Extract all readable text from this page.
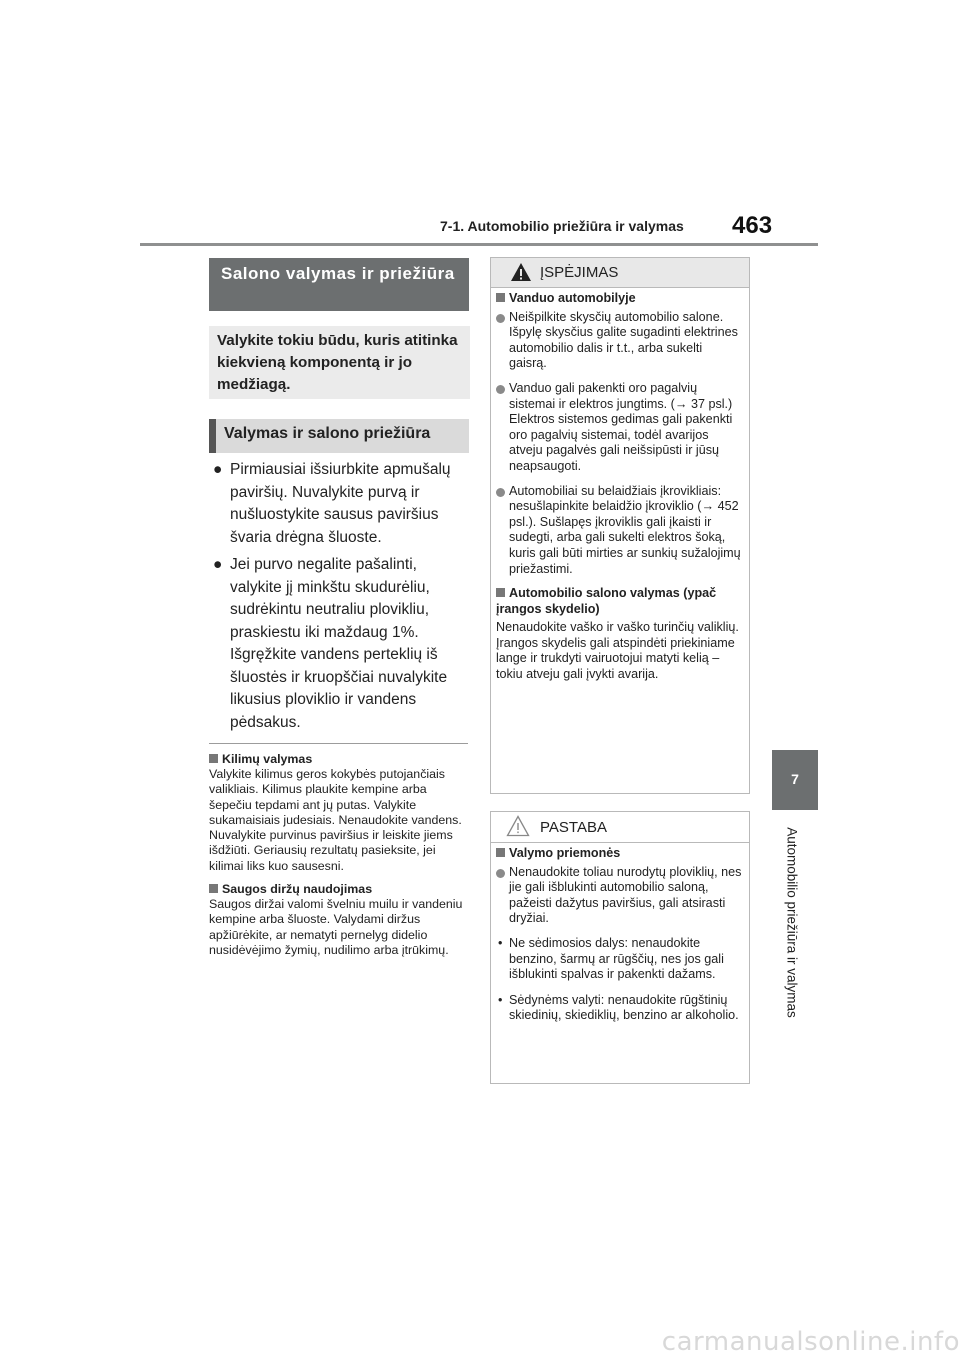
7-1. Automobilio priežiūra ir valymas	463
7
Automobilio priežiūra ir valymas
Salono valymas ir priežiūra
Valykite tokiu būdu, kuris atitinka kiekvieną komponentą ir jo medžiagą.
Valymas ir salono priežiūra
● Pirmiausiai išsiurbkite apmušalų paviršių. Nuvalykite purvą ir nušluostykite sausus paviršius švaria drėgna šluoste.
● Jei purvo negalite pašalinti, valykite jį minkštu skudurėliu, sudrėkintu neutraliu plovikliu, praskiestu iki maždaug 1%. Išgręžkite vandens perteklių iš šluostės ir kruopščiai nuvalykite likusius ploviklio ir vandens pėdsakus.
Kilimų valymas

Valykite kilimus geros kokybės putojančiais valikliais. Kilimus plaukite kempine arba šepečiu tepdami ant jų putas. Valykite sukamaisiais judesiais. Nenaudokite vandens. Nuvalykite purvinus paviršius ir leiskite jiems išdžiūti. Geriausių rezultatų pasieksite, jei kilimai liks kuo sausesni.

Saugos diržų naudojimas

Saugos diržai valomi švelniu muilu ir vandeniu kempine arba šluoste. Valydami diržus apžiūrėkite, ar nematyti pernelyg didelio nusidėvėjimo žymių, nudilimo arba įtrūkimų.

ĮSPĖJIMAS
Vanduo automobilyje
Neišpilkite skysčių automobilio salone. Išpylę skysčius galite sugadinti elektrines automobilio dalis ir t.t., arba sukelti gaisrą.
Vanduo gali pakenkti oro pagalvių sistemai ir elektros jungtims. (→ 37 psl.) Elektros sistemos gedimas gali pakenkti oro pagalvių sistemai, todėl avarijos atveju pagalvės gali neišsipūsti ir jūsų neapsaugoti.
Automobiliai su belaidžiais įkrovikliais: nesušlapinkite belaidžio įkroviklio (→ 452 psl.). Sušlapęs įkroviklis gali įkaisti ir sudegti, arba gali sukelti elektros šoką, kuris gali būti mirties ar sunkių sužalojimų priežastimi.
Automobilio salono valymas (ypač įrangos skydelio)

Nenaudokite vaško ir vaško turinčių valiklių. Įrangos skydelis gali atspindėti priekiniame lange ir trukdyti vairuotojui matyti kelią – tokiu atveju gali įvykti avarija.

PASTABA
Valymo priemonės
Nenaudokite toliau nurodytų ploviklių, nes jie gali išblukinti automobilio saloną, pažeisti dažytus paviršius, gali atsirasti dryžiai.
• Ne sėdimosios dalys: nenaudokite benzino, šarmų ar rūgščių, nes jos gali išblukinti spalvas ir pakenkti dažams.
• Sėdynėms valyti: nenaudokite rūgštinių skiedinių, skiediklių, benzino ar alkoholio.
carmanualsonline.info
